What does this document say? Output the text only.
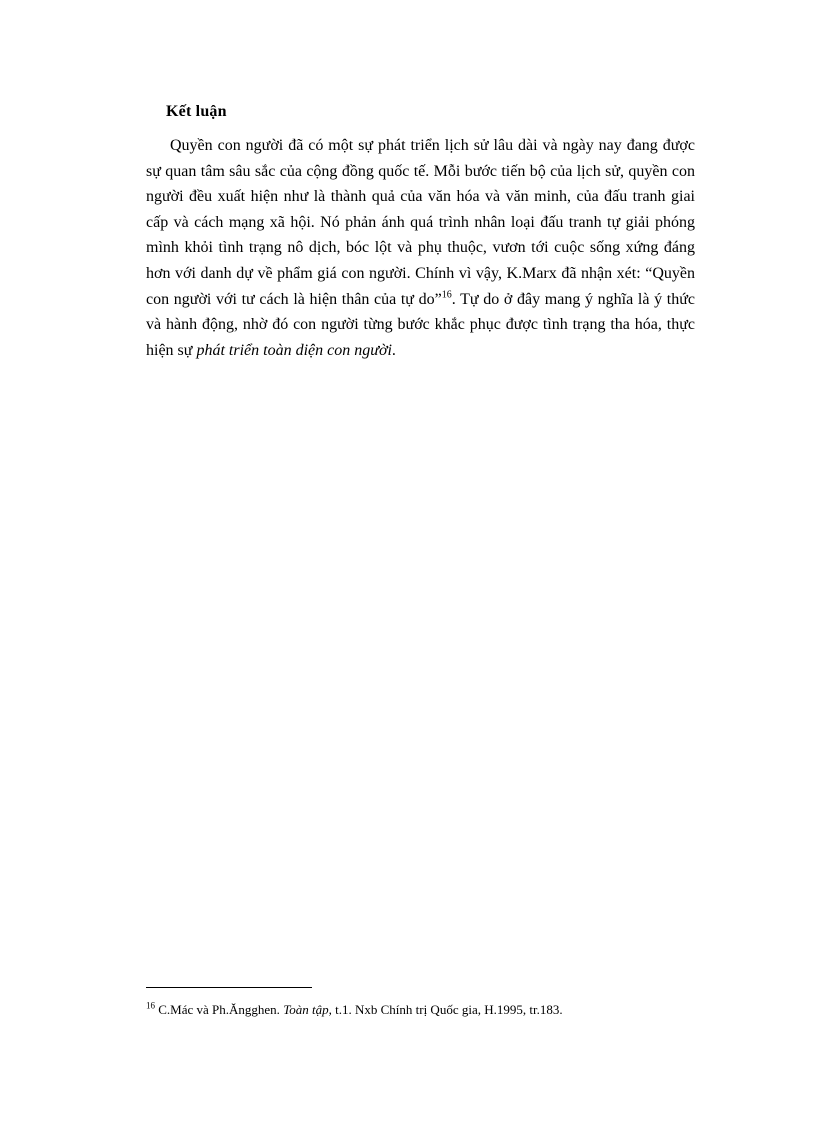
Kết luận

Quyền con người đã có một sự phát triển lịch sử lâu dài và ngày nay đang được sự quan tâm sâu sắc của cộng đồng quốc tế. Mỗi bước tiến bộ của lịch sử, quyền con người đều xuất hiện như là thành quả của văn hóa và văn minh, của đấu tranh giai cấp và cách mạng xã hội. Nó phản ánh quá trình nhân loại đấu tranh tự giải phóng mình khỏi tình trạng nô dịch, bóc lột và phụ thuộc, vươn tới cuộc sống xứng đáng hơn với danh dự về phẩm giá con người. Chính vì vậy, K.Marx đã nhận xét: “Quyền con người với tư cách là hiện thân của tự do”$^{16}$. Tự do ở đây mang ý nghĩa là ý thức và hành động, nhờ đó con người từng bước khắc phục được tình trạng tha hóa, thực hiện sự phát triển toàn diện con người.

$^{16}$ C.Mác và Ph.Ăngghen. Toàn tập, t.1. Nxb Chính trị Quốc gia, H.1995, tr.183.
